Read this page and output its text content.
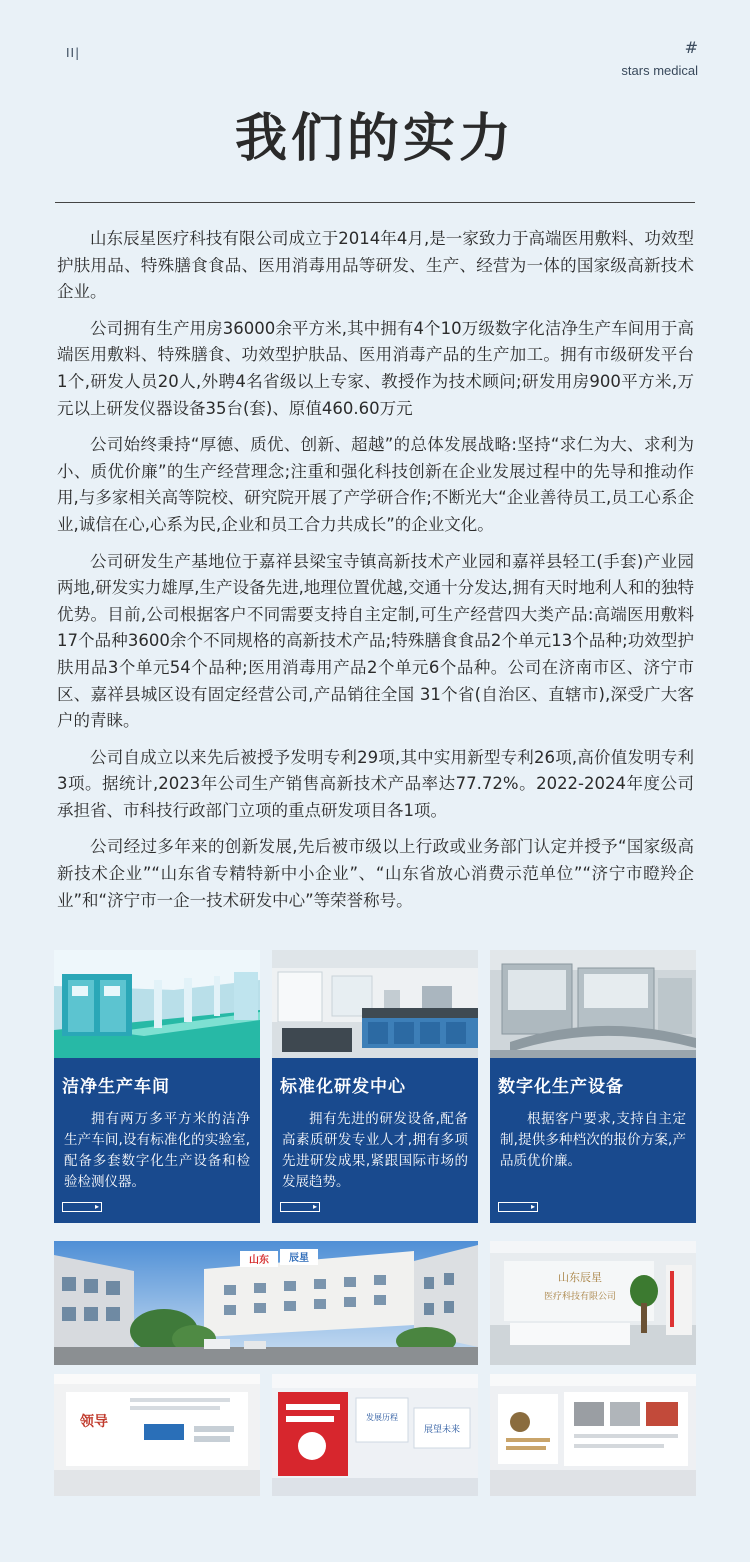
II|	#
stars medical
我们的实力

山东辰星医疗科技有限公司成立于2014年4月,是一家致力于高端医用敷料、功效型护肤用品、特殊膳食食品、医用消毒用品等研发、生产、经营为一体的国家级高新技术企业。

公司拥有生产用房36000余平方米,其中拥有4个10万级数字化洁净生产车间用于高端医用敷料、特殊膳食、功效型护肤品、医用消毒产品的生产加工。拥有市级研发平台1个,研发人员20人,外聘4名省级以上专家、教授作为技术顾问;研发用房900平方米,万元以上研发仪器设备35台(套)、原值460.60万元

公司始终秉持“厚德、质优、创新、超越”的总体发展战略:坚持“求仁为大、求利为小、质优价廉”的生产经营理念;注重和强化科技创新在企业发展过程中的先导和推动作用,与多家相关高等院校、研究院开展了产学研合作;不断光大“企业善待员工,员工心系企业,诚信在心,心系为民,企业和员工合力共成长”的企业文化。

公司研发生产基地位于嘉祥县梁宝寺镇高新技术产业园和嘉祥县轻工(手套)产业园两地,研发实力雄厚,生产设备先进,地理位置优越,交通十分发达,拥有天时地利人和的独特优势。目前,公司根据客户不同需要支持自主定制,可生产经营四大类产品:高端医用敷料17个品种3600余个不同规格的高新技术产品;特殊膳食食品2个单元13个品种;功效型护肤用品3个单元54个品种;医用消毒用产品2个单元6个品种。公司在济南市区、济宁市区、嘉祥县城区设有固定经营公司,产品销往全国 31个省(自治区、直辖市),深受广大客户的青睐。

公司自成立以来先后被授予发明专利29项,其中实用新型专利26项,高价值发明专利3项。据统计,2023年公司生产销售高新技术产品率达77.72%。2022-2024年度公司承担省、市科技行政部门立项的重点研发项目各1项。

公司经过多年来的创新发展,先后被市级以上行政或业务部门认定并授予“国家级高新技术企业”“山东省专精特新中小企业”、“山东省放心消费示范单位”“济宁市瞪羚企业”和“济宁市一企一技术研发中心”等荣誉称号。

洁净生产车间
拥有两万多平方米的洁净生产车间,设有标准化的实验室,配备多套数字化生产设备和检验检测仪器。
▸
标准化研发中心
拥有先进的研发设备,配备高素质研发专业人才,拥有多项先进研发成果,紧跟国际市场的发展趋势。
▸
数字化生产设备
根据客户要求,支持自主定制,提供多种档次的报价方案,产品质优价廉。
▸
山东 辰星
山东辰星
医疗科技有限公司
领导	发展历程
展望未来
